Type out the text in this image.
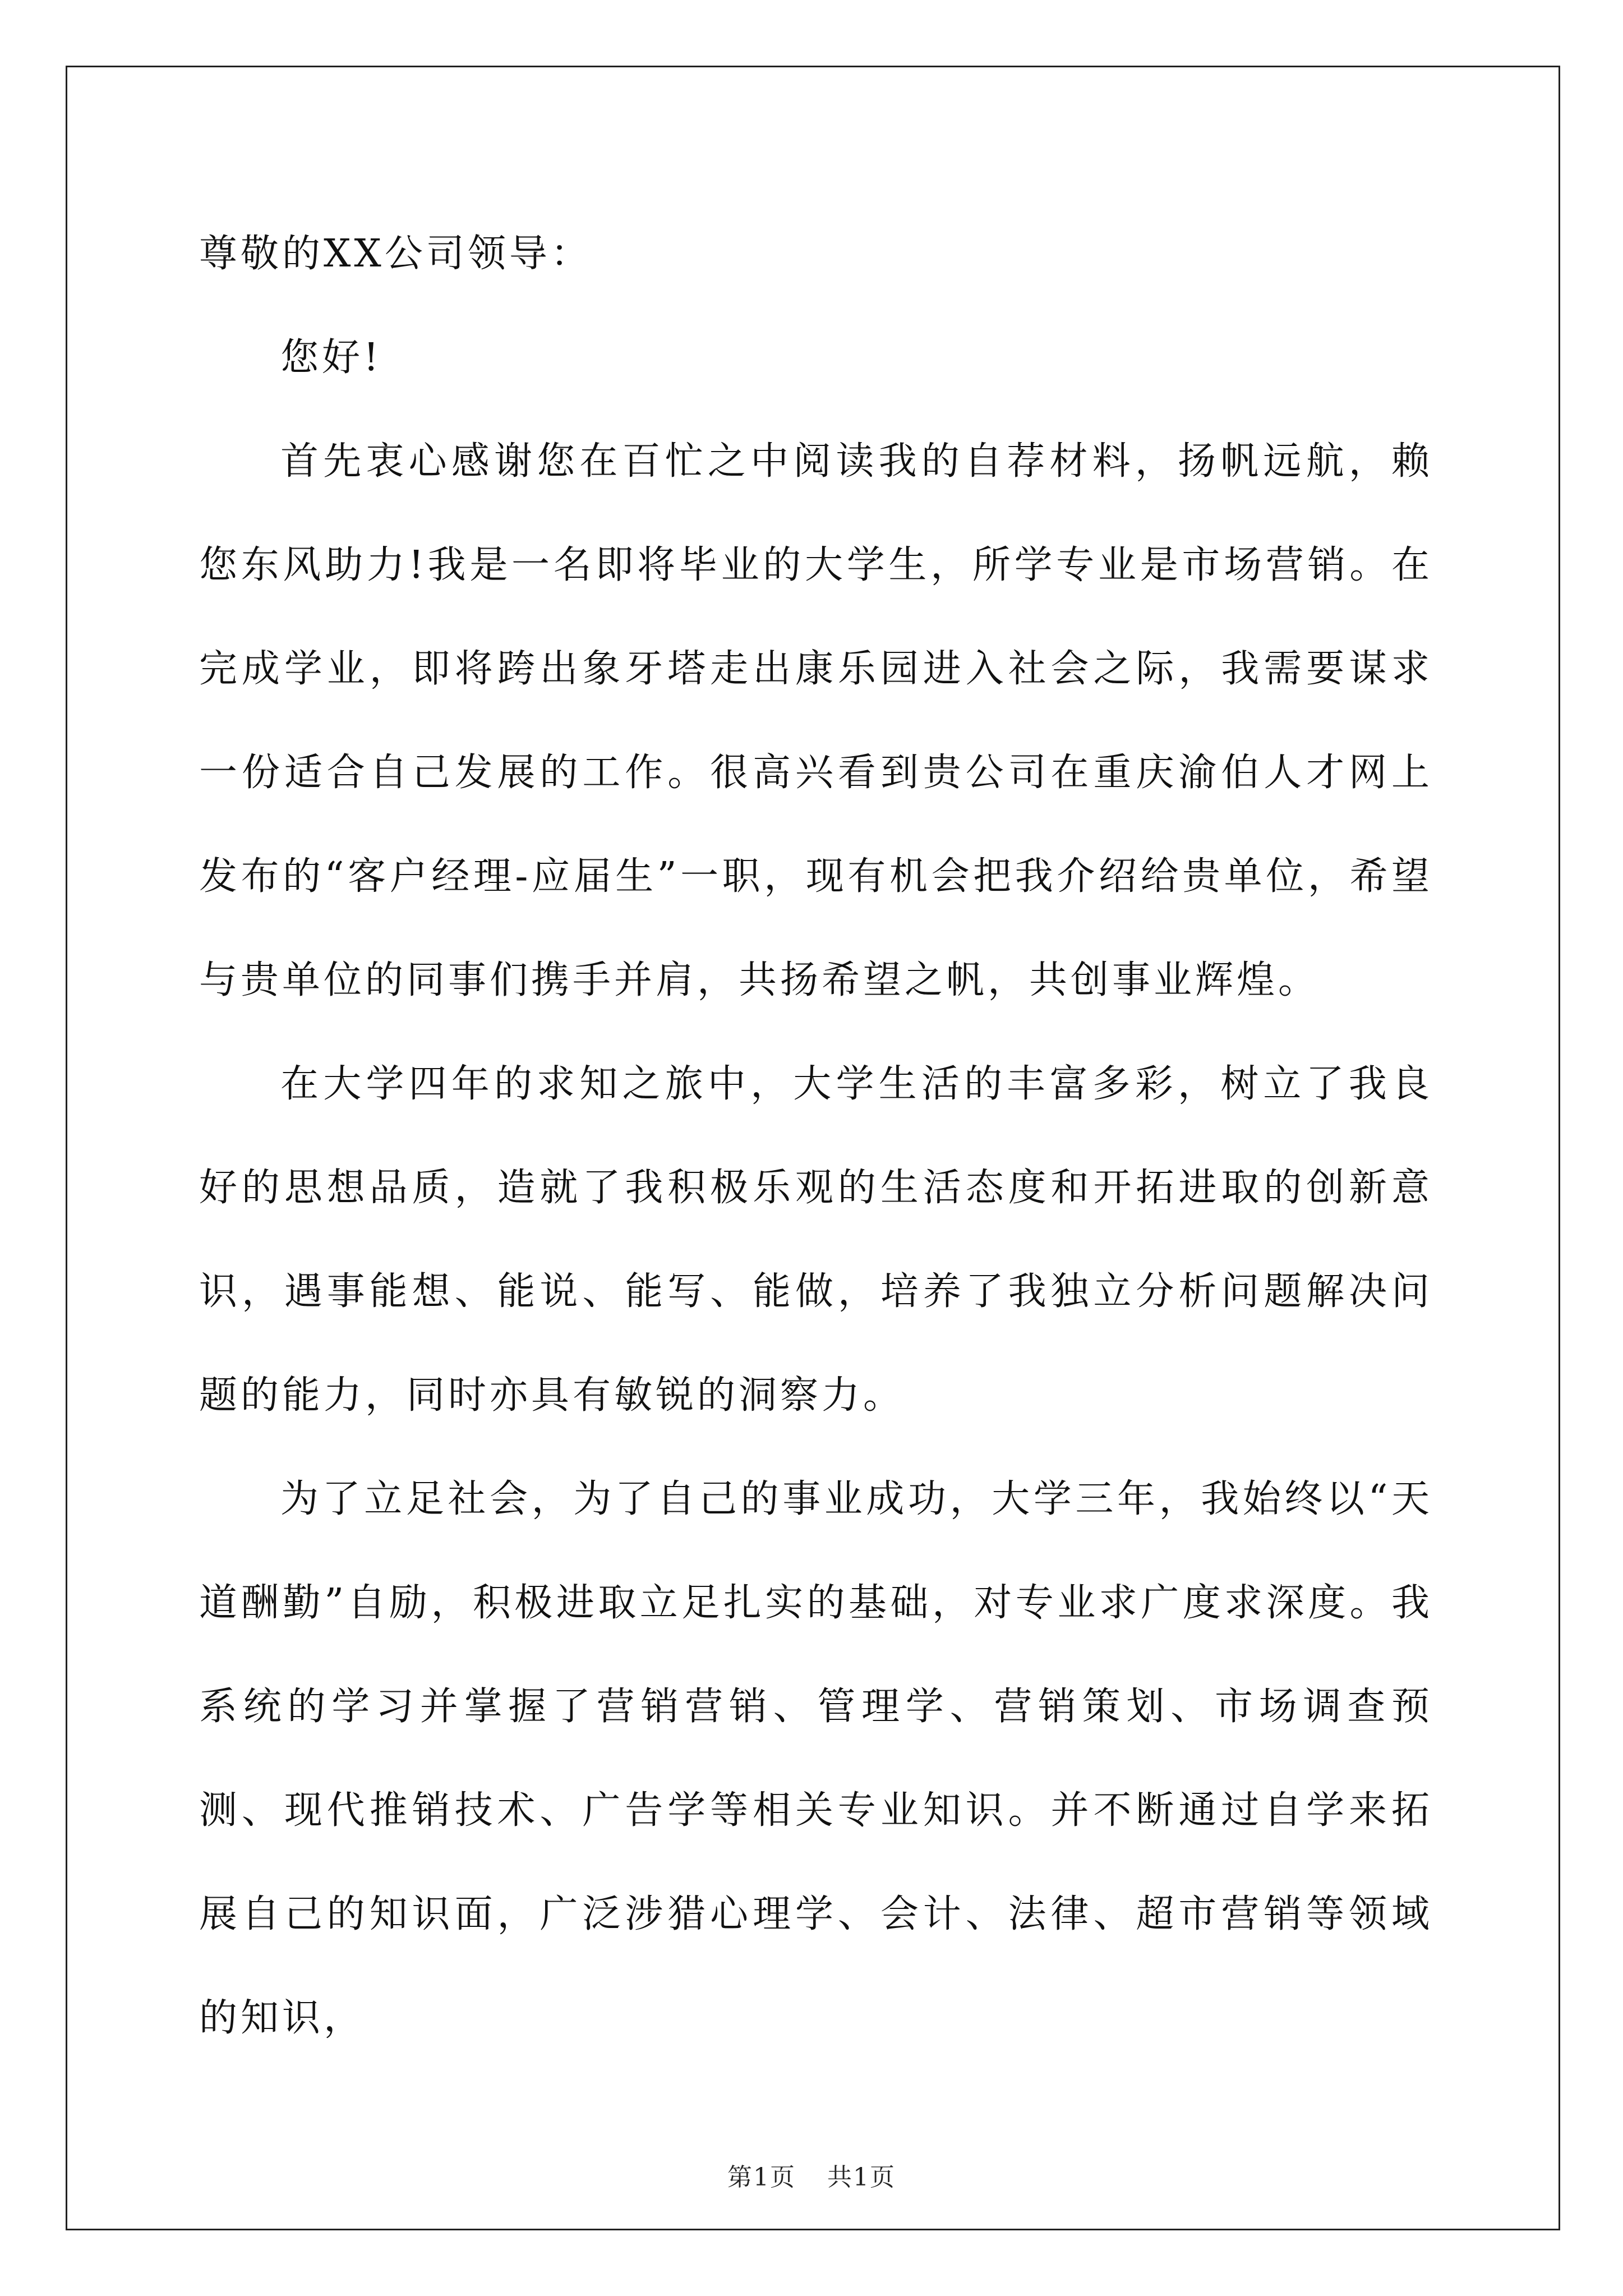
尊敬的XX公司领导：

您好!

首先衷心感谢您在百忙之中阅读我的自荐材料，扬帆远航，赖您东风助力!我是一名即将毕业的大学生，所学专业是市场营销。在完成学业，即将跨出象牙塔走出康乐园进入社会之际，我需要谋求一份适合自己发展的工作。很高兴看到贵公司在重庆渝伯人才网上发布的“客户经理-应届生”一职，现有机会把我介绍给贵单位，希望与贵单位的同事们携手并肩，共扬希望之帆，共创事业辉煌。

在大学四年的求知之旅中，大学生活的丰富多彩，树立了我良好的思想品质，造就了我积极乐观的生活态度和开拓进取的创新意识，遇事能想、能说、能写、能做，培养了我独立分析问题解决问题的能力，同时亦具有敏锐的洞察力。

为了立足社会，为了自己的事业成功，大学三年，我始终以“天道酬勤”自励，积极进取立足扎实的基础，对专业求广度求深度。我系统的学习并掌握了营销营销、管理学、营销策划、市场调查预测、现代推销技术、广告学等相关专业知识。并不断通过自学来拓展自己的知识面，广泛涉猎心理学、会计、法律、超市营销等领域的知识，

第1页 共1页
